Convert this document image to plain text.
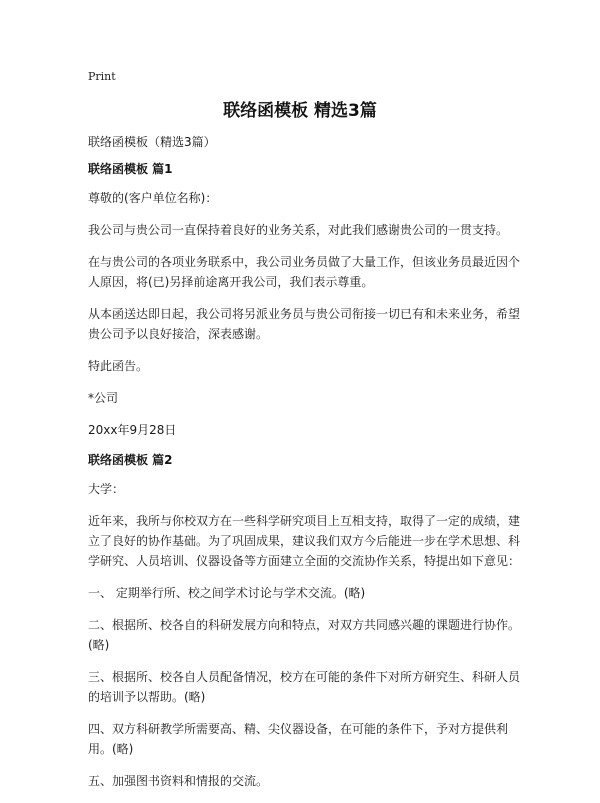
Print
联络函模板 精选3篇

联络函模板（精选3篇）

联络函模板 篇1

尊敬的(客户单位名称)：

我公司与贵公司一直保持着良好的业务关系，对此我们感谢贵公司的一贯支持。

在与贵公司的各项业务联系中，我公司业务员做了大量工作，但该业务员最近因个人原因，将(已)另择前途离开我公司，我们表示尊重。

从本函送达即日起，我公司将另派业务员与贵公司衔接一切已有和未来业务，希望贵公司予以良好接洽，深表感谢。

特此函告。

*公司

20xx年9月28日

联络函模板 篇2

大学：

近年来，我所与你校双方在一些科学研究项目上互相支持，取得了一定的成绩，建立了良好的协作基础。为了巩固成果，建议我们双方今后能进一步在学术思想、科学研究、人员培训、仪器设备等方面建立全面的交流协作关系，特提出如下意见：

一、 定期举行所、校之间学术讨论与学术交流。(略)

二、根据所、校各自的科研发展方向和特点，对双方共同感兴趣的课题进行协作。(略)

三、根据所、校各自人员配备情况，校方在可能的条件下对所方研究生、科研人员的培训予以帮助。(略)

四、双方科研教学所需要高、精、尖仪器设备，在可能的条件下，予对方提供利用。(略)

五、加强图书资料和情报的交流。
